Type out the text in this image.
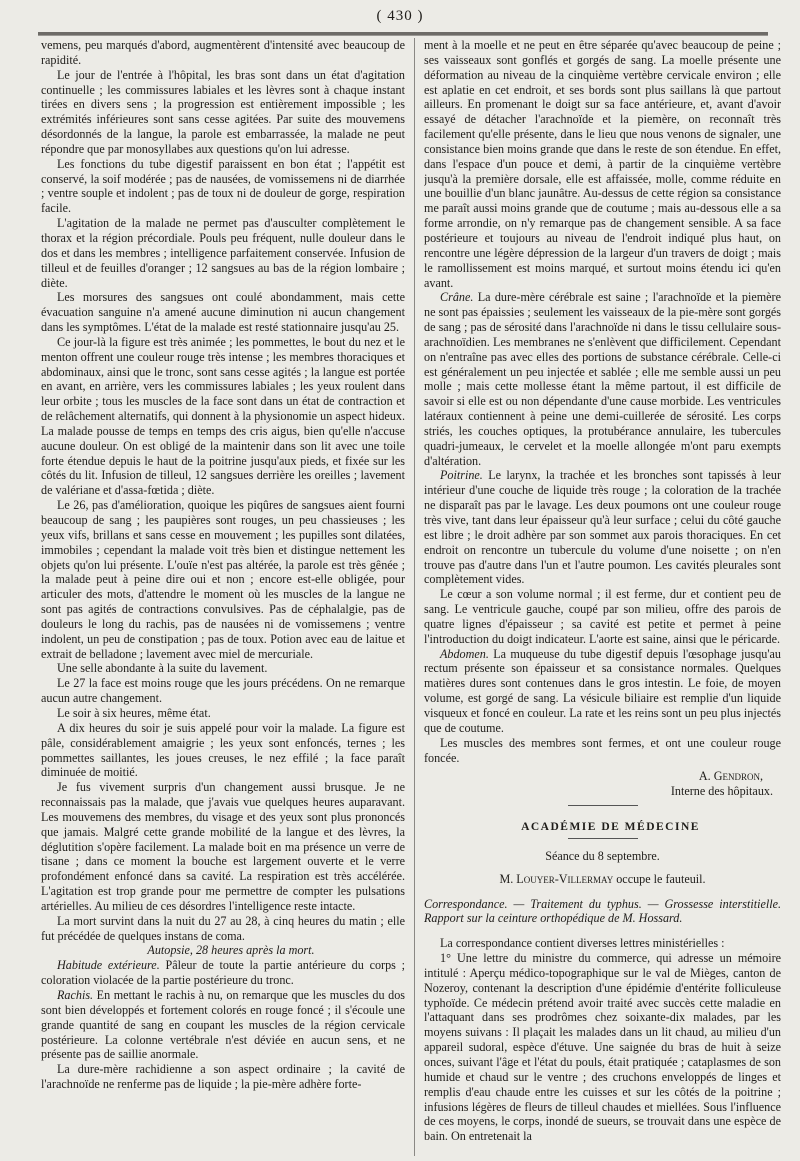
( 430 )

vemens, peu marqués d'abord, augmentèrent d'intensité avec beaucoup de rapidité.

Le jour de l'entrée à l'hôpital, les bras sont dans un état d'agitation continuelle ; les commissures labiales et les lèvres sont à chaque instant tirées en divers sens ; la progression est entièrement impossible ; les extrémités inférieures sont sans cesse agitées. Par suite des mouvemens désordonnés de la langue, la parole est embarrassée, la malade ne peut répondre que par monosyllabes aux questions qu'on lui adresse.

Les fonctions du tube digestif paraissent en bon état ; l'appétit est conservé, la soif modérée ; pas de nausées, de vomissemens ni de diarrhée ; ventre souple et indolent ; pas de toux ni de douleur de gorge, respiration facile.

L'agitation de la malade ne permet pas d'ausculter complètement le thorax et la région précordiale. Pouls peu fréquent, nulle douleur dans le dos et dans les membres ; intelligence parfaitement conservée. Infusion de tilleul et de feuilles d'oranger ; 12 sangsues au bas de la région lombaire ; diète.

Les morsures des sangsues ont coulé abondamment, mais cette évacuation sanguine n'a amené aucune diminution ni aucun changement dans les symptômes. L'état de la malade est resté stationnaire jusqu'au 25.

Ce jour-là la figure est très animée ; les pommettes, le bout du nez et le menton offrent une couleur rouge très intense ; les membres thoraciques et abdominaux, ainsi que le tronc, sont sans cesse agités ; la langue est portée en avant, en arrière, vers les commissures labiales ; les yeux roulent dans leur orbite ; tous les muscles de la face sont dans un état de contraction et de relâchement alternatifs, qui donnent à la physionomie un aspect hideux. La malade pousse de temps en temps des cris aigus, bien qu'elle n'accuse aucune douleur. On est obligé de la maintenir dans son lit avec une toile forte étendue depuis le haut de la poitrine jusqu'aux pieds, et fixée sur les côtés du lit. Infusion de tilleul, 12 sangsues derrière les oreilles ; lavement de valériane et d'assa-fœtida ; diète.

Le 26, pas d'amélioration, quoique les piqûres de sangsues aient fourni beaucoup de sang ; les paupières sont rouges, un peu chassieuses ; les yeux vifs, brillans et sans cesse en mouvement ; les pupilles sont dilatées, immobiles ; cependant la malade voit très bien et distingue nettement les objets qu'on lui présente. L'ouïe n'est pas altérée, la parole est très gênée ; la malade peut à peine dire oui et non ; encore est-elle obligée, pour articuler des mots, d'attendre le moment où les muscles de la langue ne sont pas agités de contractions convulsives. Pas de céphalalgie, pas de douleurs le long du rachis, pas de nausées ni de vomissemens ; ventre indolent, un peu de constipation ; pas de toux. Potion avec eau de laitue et extrait de belladone ; lavement avec miel de mercuriale.

Une selle abondante à la suite du lavement.

Le 27 la face est moins rouge que les jours précédens. On ne remarque aucun autre changement.

Le soir à six heures, même état.

A dix heures du soir je suis appelé pour voir la malade. La figure est pâle, considérablement amaigrie ; les yeux sont enfoncés, ternes ; les pommettes saillantes, les joues creuses, le nez effilé ; la face paraît diminuée de moitié.

Je fus vivement surpris d'un changement aussi brusque. Je ne reconnaissais pas la malade, que j'avais vue quelques heures auparavant. Les mouvemens des membres, du visage et des yeux sont plus prononcés que jamais. Malgré cette grande mobilité de la langue et des lèvres, la déglutition s'opère facilement. La malade boit en ma présence un verre de tisane ; dans ce moment la bouche est largement ouverte et le verre profondément enfoncé dans sa cavité. La respiration est très accélérée. L'agitation est trop grande pour me permettre de compter les pulsations artérielles. Au milieu de ces désordres l'intelligence reste intacte.

La mort survint dans la nuit du 27 au 28, à cinq heures du matin ; elle fut précédée de quelques instans de coma.

Autopsie, 28 heures après la mort.

Habitude extérieure. Pâleur de toute la partie antérieure du corps ; coloration violacée de la partie postérieure du tronc.

Rachis. En mettant le rachis à nu, on remarque que les muscles du dos sont bien développés et fortement colorés en rouge foncé ; il s'écoule une grande quantité de sang en coupant les muscles de la région cervicale postérieure. La colonne vertébrale n'est déviée en aucun sens, et ne présente pas de saillie anormale.

La dure-mère rachidienne a son aspect ordinaire ; la cavité de l'arachnoïde ne renferme pas de liquide ; la pie-mère adhère forte-

ment à la moelle et ne peut en être séparée qu'avec beaucoup de peine ; ses vaisseaux sont gonflés et gorgés de sang. La moelle présente une déformation au niveau de la cinquième vertèbre cervicale environ ; elle est aplatie en cet endroit, et ses bords sont plus saillans là que partout ailleurs. En promenant le doigt sur sa face antérieure, et, avant d'avoir essayé de détacher l'arachnoïde et la piemère, on reconnaît très facilement qu'elle présente, dans le lieu que nous venons de signaler, une consistance bien moins grande que dans le reste de son étendue. En effet, dans l'espace d'un pouce et demi, à partir de la cinquième vertèbre jusqu'à la première dorsale, elle est affaissée, molle, comme réduite en une bouillie d'un blanc jaunâtre. Au-dessus de cette région sa consistance me paraît aussi moins grande que de coutume ; mais au-dessous elle a sa forme arrondie, on n'y remarque pas de changement sensible. A sa face postérieure et toujours au niveau de l'endroit indiqué plus haut, on rencontre une légère dépression de la largeur d'un travers de doigt ; mais le ramollissement est moins marqué, et surtout moins étendu ici qu'en avant.

Crâne. La dure-mère cérébrale est saine ; l'arachnoïde et la piemère ne sont pas épaissies ; seulement les vaisseaux de la pie-mère sont gorgés de sang ; pas de sérosité dans l'arachnoïde ni dans le tissu cellulaire sous-arachnoïdien. Les membranes ne s'enlèvent que difficilement. Cependant on n'entraîne pas avec elles des portions de substance cérébrale. Celle-ci est généralement un peu injectée et sablée ; elle me semble aussi un peu molle ; mais cette mollesse étant la même partout, il est difficile de savoir si elle est ou non dépendante d'une cause morbide. Les ventricules latéraux contiennent à peine une demi-cuillerée de sérosité. Les corps striés, les couches optiques, la protubérance annulaire, les tubercules quadri-jumeaux, le cervelet et la moelle allongée m'ont paru exempts d'altération.

Poitrine. Le larynx, la trachée et les bronches sont tapissés à leur intérieur d'une couche de liquide très rouge ; la coloration de la trachée ne disparaît pas par le lavage. Les deux poumons ont une couleur rouge très vive, tant dans leur épaisseur qu'à leur surface ; celui du côté gauche est libre ; le droit adhère par son sommet aux parois thoraciques. En cet endroit on rencontre un tubercule du volume d'une noisette ; on n'en trouve pas d'autre dans l'un et l'autre poumon. Les cavités pleurales sont complètement vides.

Le cœur a son volume normal ; il est ferme, dur et contient peu de sang. Le ventricule gauche, coupé par son milieu, offre des parois de quatre lignes d'épaisseur ; sa cavité est petite et permet à peine l'introduction du doigt indicateur. L'aorte est saine, ainsi que le péricarde.

Abdomen. La muqueuse du tube digestif depuis l'œsophage jusqu'au rectum présente son épaisseur et sa consistance normales. Quelques matières dures sont contenues dans le gros intestin. Le foie, de moyen volume, est gorgé de sang. La vésicule biliaire est remplie d'un liquide visqueux et foncé en couleur. La rate et les reins sont un peu plus injectés que de coutume.

Les muscles des membres sont fermes, et ont une couleur rouge foncée.

A. Gendron,

Interne des hôpitaux.

ACADÉMIE DE MÉDECINE

Séance du 8 septembre.

M. Louyer-Villermay occupe le fauteuil.

Correspondance. — Traitement du typhus. — Grossesse interstitielle. Rapport sur la ceinture orthopédique de M. Hossard.

La correspondance contient diverses lettres ministérielles :

1° Une lettre du ministre du commerce, qui adresse un mémoire intitulé : Aperçu médico-topographique sur le val de Mièges, canton de Nozeroy, contenant la description d'une épidémie d'entérite folliculeuse typhoïde. Ce médecin prétend avoir traité avec succès cette maladie en l'attaquant dans ses prodrômes chez soixante-dix malades, par les moyens suivans : Il plaçait les malades dans un lit chaud, au milieu d'un appareil sudoral, espèce d'étuve. Une saignée du bras de huit à seize onces, suivant l'âge et l'état du pouls, était pratiquée ; cataplasmes de son humide et chaud sur le ventre ; des cruchons enveloppés de linges et remplis d'eau chaude entre les cuisses et sur les côtés de la poitrine ; infusions légères de fleurs de tilleul chaudes et miellées. Sous l'influence de ces moyens, le corps, inondé de sueurs, se trouvait dans une espèce de bain. On entretenait la
